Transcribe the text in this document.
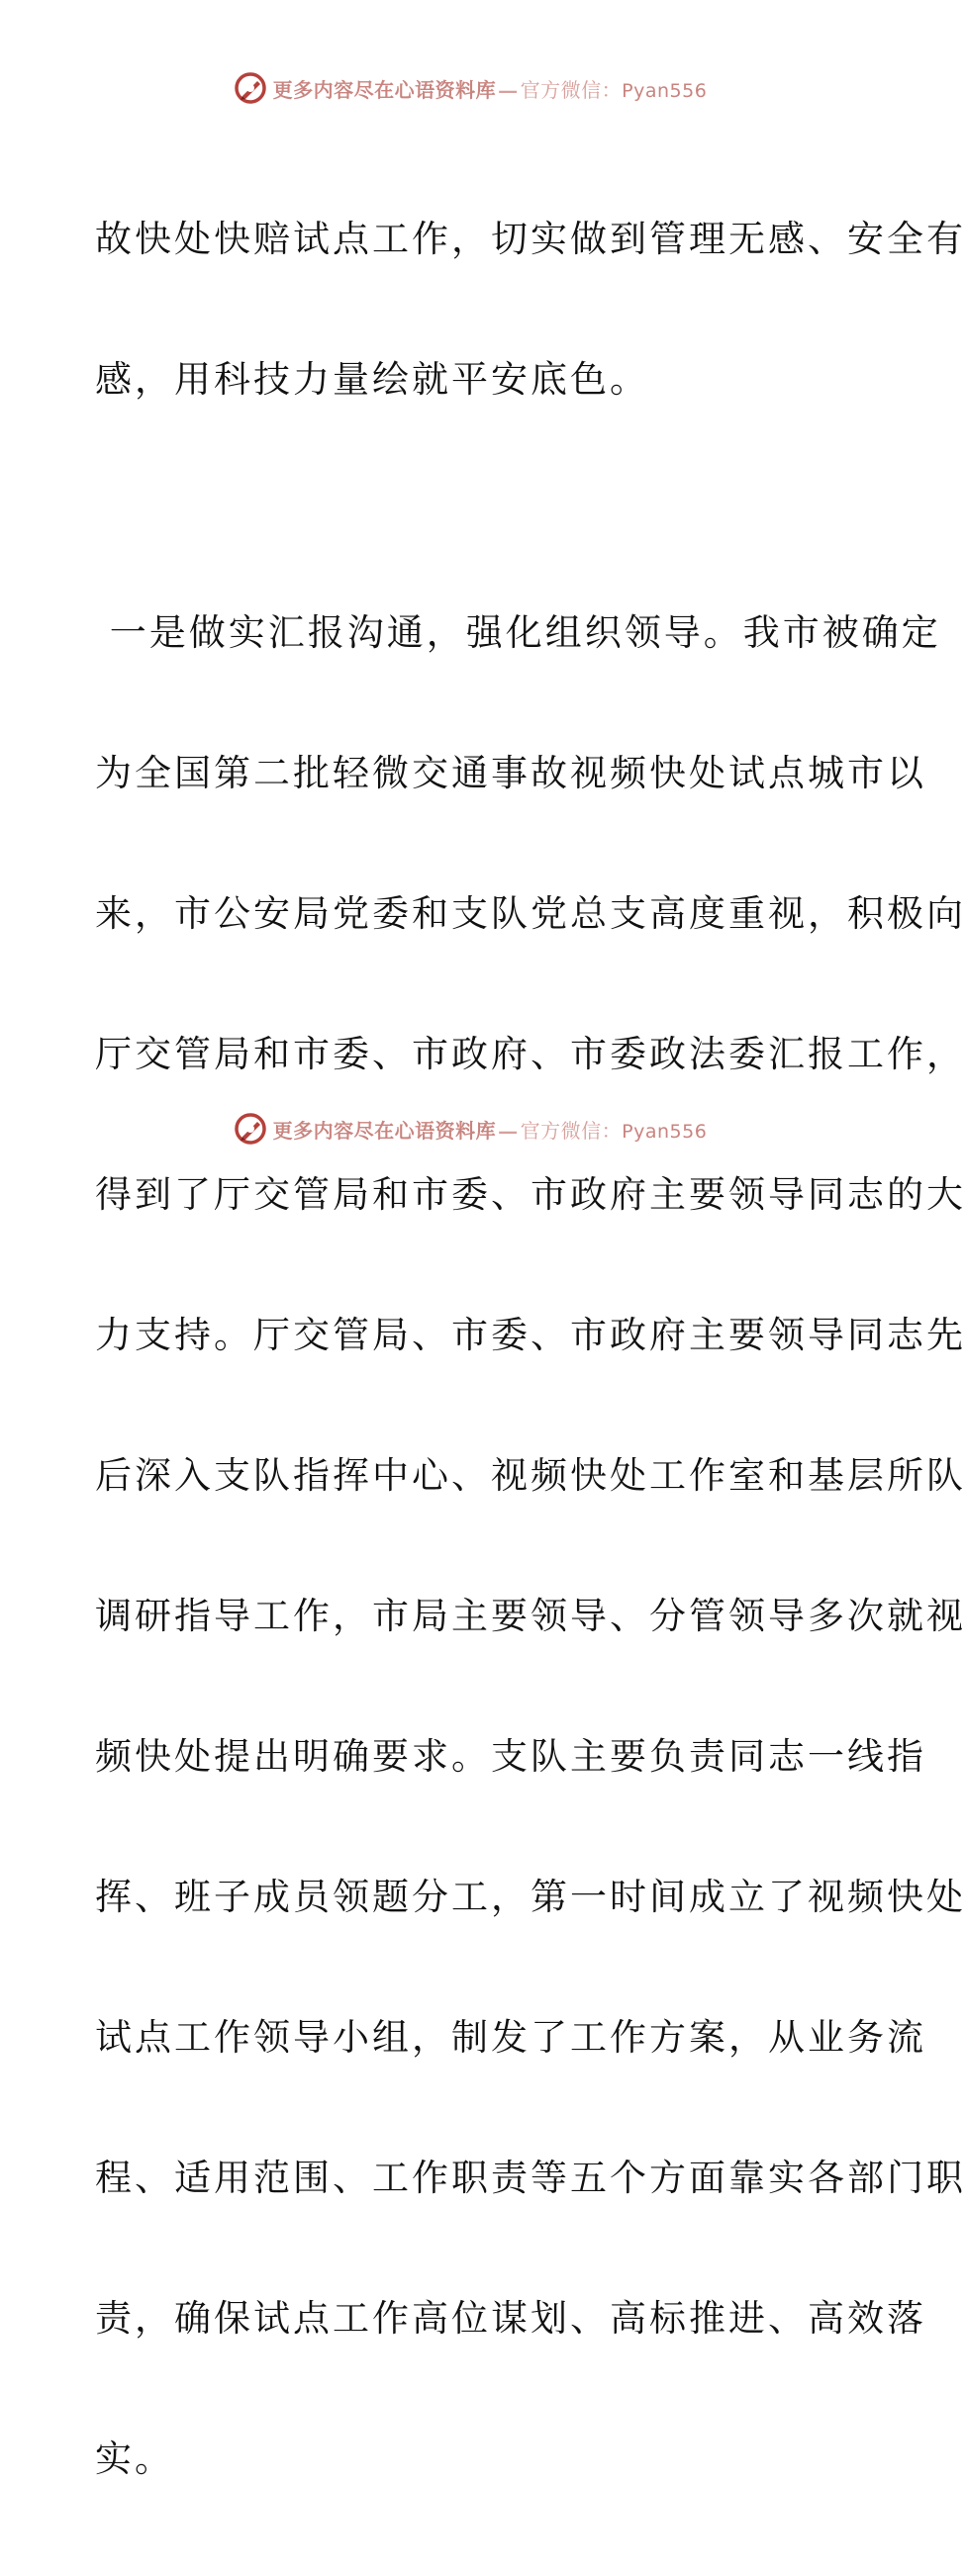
更多内容尽在心语资料库 — 官方微信：Pyan556

故快处快赔试点工作，切实做到管理无感、安全有

感，用科技力量绘就平安底色。

一是做实汇报沟通，强化组织领导。我市被确定

为全国第二批轻微交通事故视频快处试点城市以

来，市公安局党委和支队党总支高度重视，积极向

厅交管局和市委、市政府、市委政法委汇报工作，

得到了厅交管局和市委、市政府主要领导同志的大

力支持。厅交管局、市委、市政府主要领导同志先

后深入支队指挥中心、视频快处工作室和基层所队

调研指导工作，市局主要领导、分管领导多次就视

频快处提出明确要求。支队主要负责同志一线指

挥、班子成员领题分工，第一时间成立了视频快处

试点工作领导小组，制发了工作方案，从业务流

程、适用范围、工作职责等五个方面靠实各部门职

责，确保试点工作高位谋划、高标推进、高效落

实。

更多内容尽在心语资料库 — 官方微信：Pyan556
